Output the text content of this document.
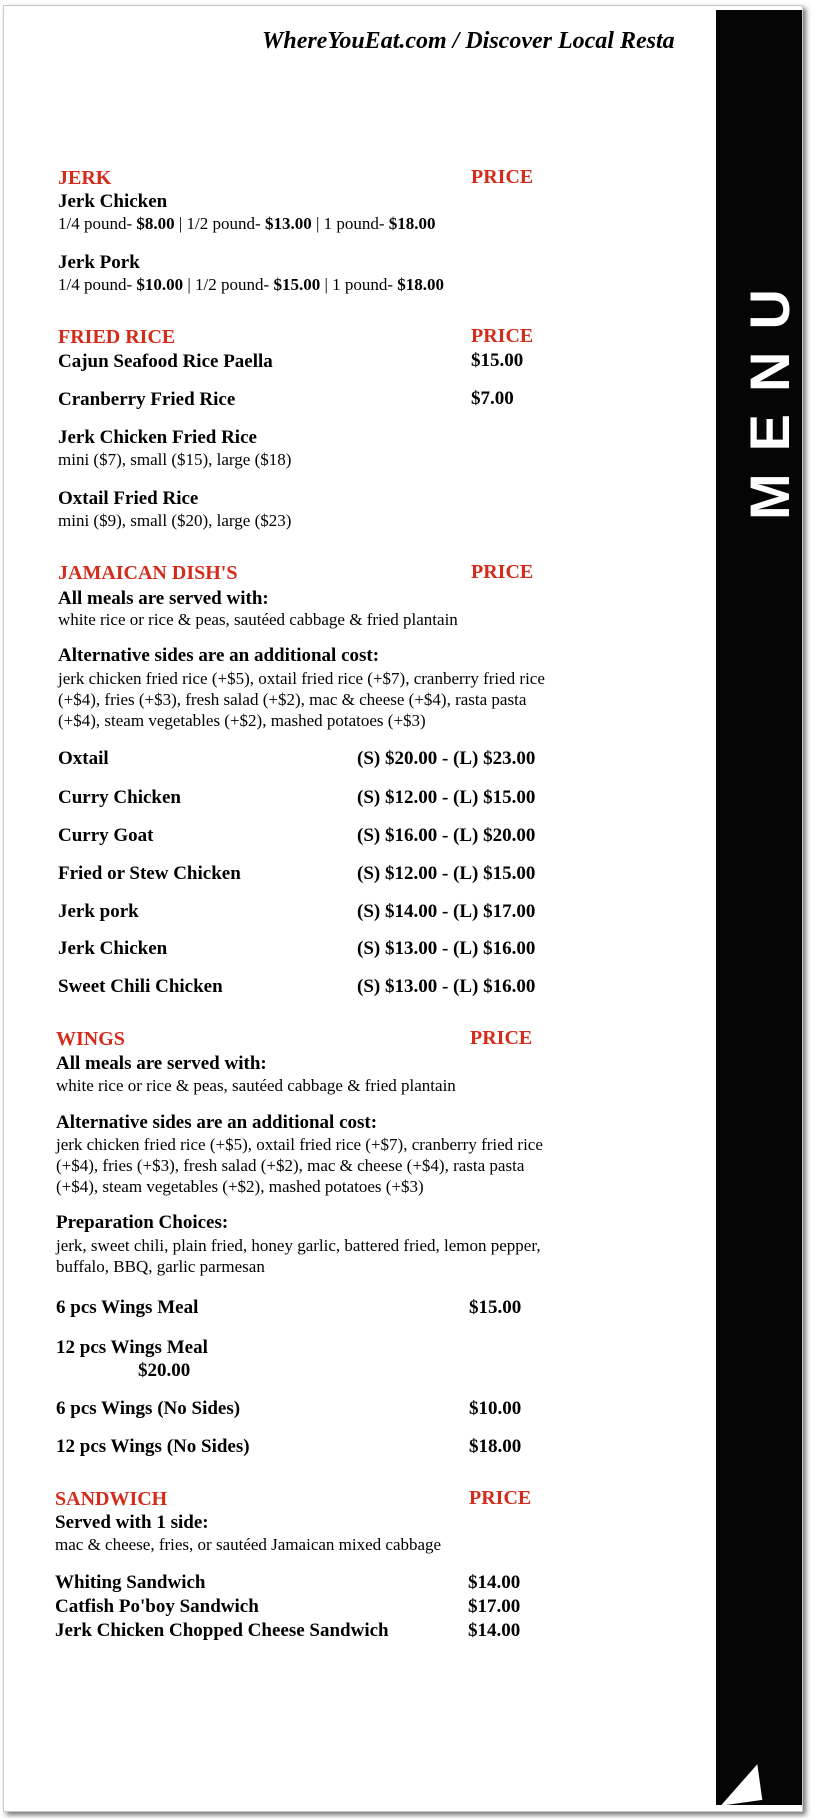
MENU
WhereYouEat.com / Discover Local Resta
JERK	PRICE
Jerk Chicken
1/4 pound- $8.00 | 1/2 pound- $13.00 | 1 pound- $18.00
Jerk Pork
1/4 pound- $10.00 | 1/2 pound- $15.00 | 1 pound- $18.00
FRIED RICE	PRICE
Cajun Seafood Rice Paella	$15.00
Cranberry Fried Rice	$7.00
Jerk Chicken Fried Rice
mini ($7), small ($15), large ($18)
Oxtail Fried Rice
mini ($9), small ($20), large ($23)
JAMAICAN DISH'S	PRICE
All meals are served with:
white rice or rice & peas, sautéed cabbage & fried plantain
Alternative sides are an additional cost:
jerk chicken fried rice (+$5), oxtail fried rice (+$7), cranberry fried rice
(+$4), fries (+$3), fresh salad (+$2), mac & cheese (+$4), rasta pasta
(+$4), steam vegetables (+$2), mashed potatoes (+$3)
Oxtail	(S) $20.00 - (L) $23.00
Curry Chicken	(S) $12.00 - (L) $15.00
Curry Goat	(S) $16.00 - (L) $20.00
Fried or Stew Chicken	(S) $12.00 - (L) $15.00
Jerk pork	(S) $14.00 - (L) $17.00
Jerk Chicken	(S) $13.00 - (L) $16.00
Sweet Chili Chicken	(S) $13.00 - (L) $16.00
WINGS	PRICE
All meals are served with:
white rice or rice & peas, sautéed cabbage & fried plantain
Alternative sides are an additional cost:
jerk chicken fried rice (+$5), oxtail fried rice (+$7), cranberry fried rice
(+$4), fries (+$3), fresh salad (+$2), mac & cheese (+$4), rasta pasta
(+$4), steam vegetables (+$2), mashed potatoes (+$3)
Preparation Choices:
jerk, sweet chili, plain fried, honey garlic, battered fried, lemon pepper,
buffalo, BBQ, garlic parmesan
6 pcs Wings Meal	$15.00
12 pcs Wings Meal
$20.00
6 pcs Wings (No Sides)	$10.00
12 pcs Wings (No Sides)	$18.00
SANDWICH	PRICE
Served with 1 side:
mac & cheese, fries, or sautéed Jamaican mixed cabbage
Whiting Sandwich	$14.00
Catfish Po'boy Sandwich	$17.00
Jerk Chicken Chopped Cheese Sandwich	$14.00
